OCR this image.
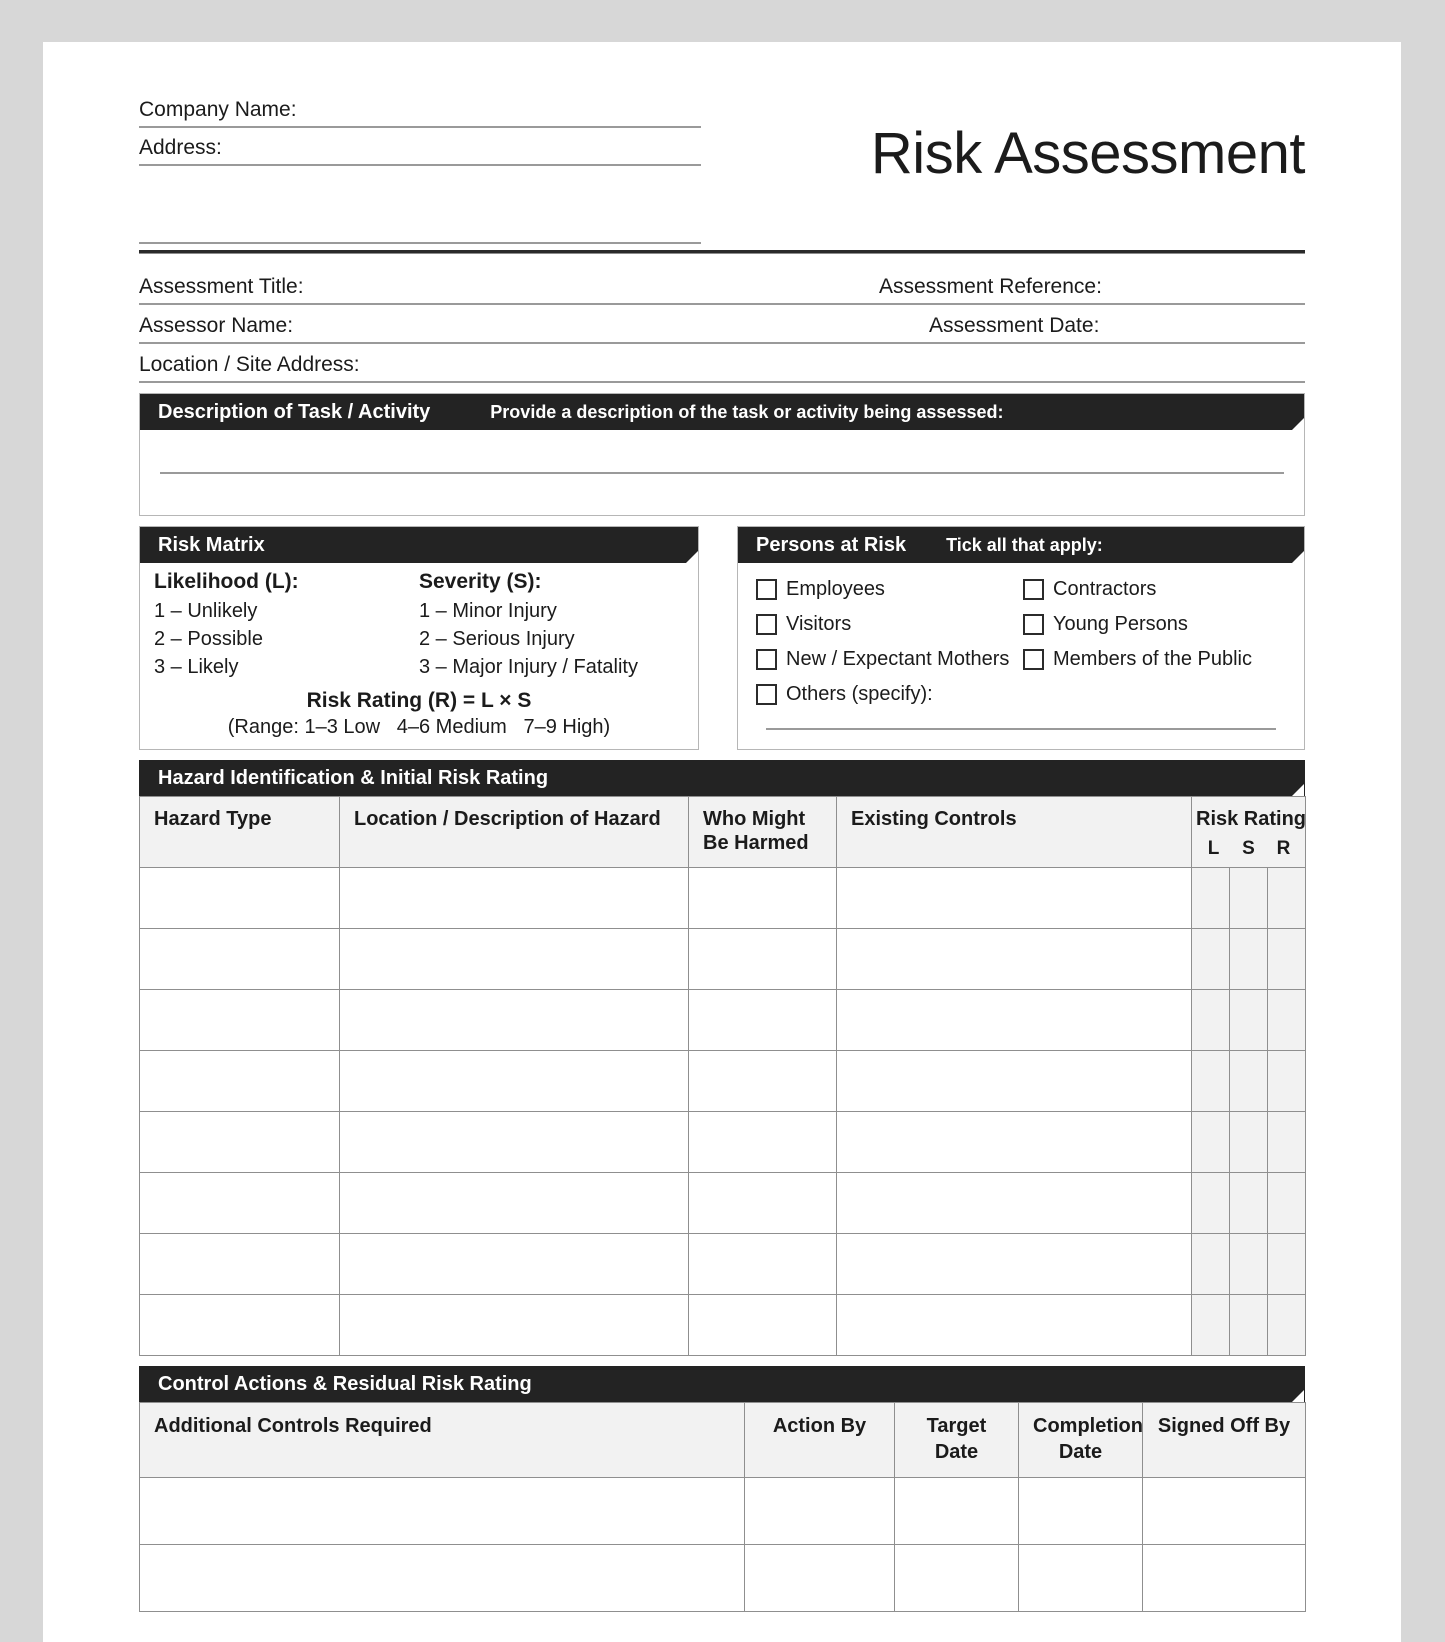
Risk Assessment
Company Name:
Address:
Assessment Title:	Assessment Reference:
Assessor Name:	Assessment Date:
Location / Site Address:
Description of Task / Activity	Provide a description of the task or activity being assessed:
Risk Matrix
Likelihood (L):
1 – Unlikely
2 – Possible
3 – Likely
Severity (S):
1 – Minor Injury
2 – Serious Injury
3 – Major Injury / Fatality
Risk Rating (R) = L × S
(Range: 1–3 Low   4–6 Medium   7–9 High)
Persons at Risk Tick all that apply:
Employees
Visitors
New / Expectant Mothers
Others (specify):
Contractors
Young Persons
Members of the Public
Hazard Identification & Initial Risk Rating
Hazard Type	Location / Description of Hazard	Who Might Be Harmed	Existing Controls	Risk Rating
L S R		

Control Actions & Residual Risk Rating
Additional Controls Required	Action By	Target Date	Completion Date	Signed Off By
